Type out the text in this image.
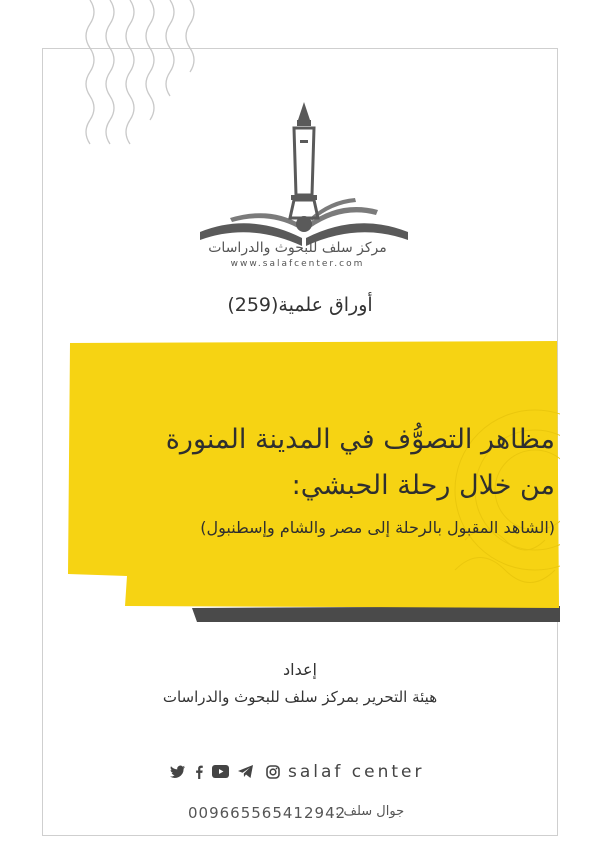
مركز سلف للبحوث والدراسات
www.salafcenter.com
أوراق علمية(259)
مظاهر التصوُّف في المدينة المنورة
من خلال رحلة الحبشي:
(الشاهد المقبول بالرحلة إلى مصر والشام وإسطنبول)
إعداد
هيئة التحرير بمركز سلف للبحوث والدراسات
salaf center
009665565412942
جوال سلف :
